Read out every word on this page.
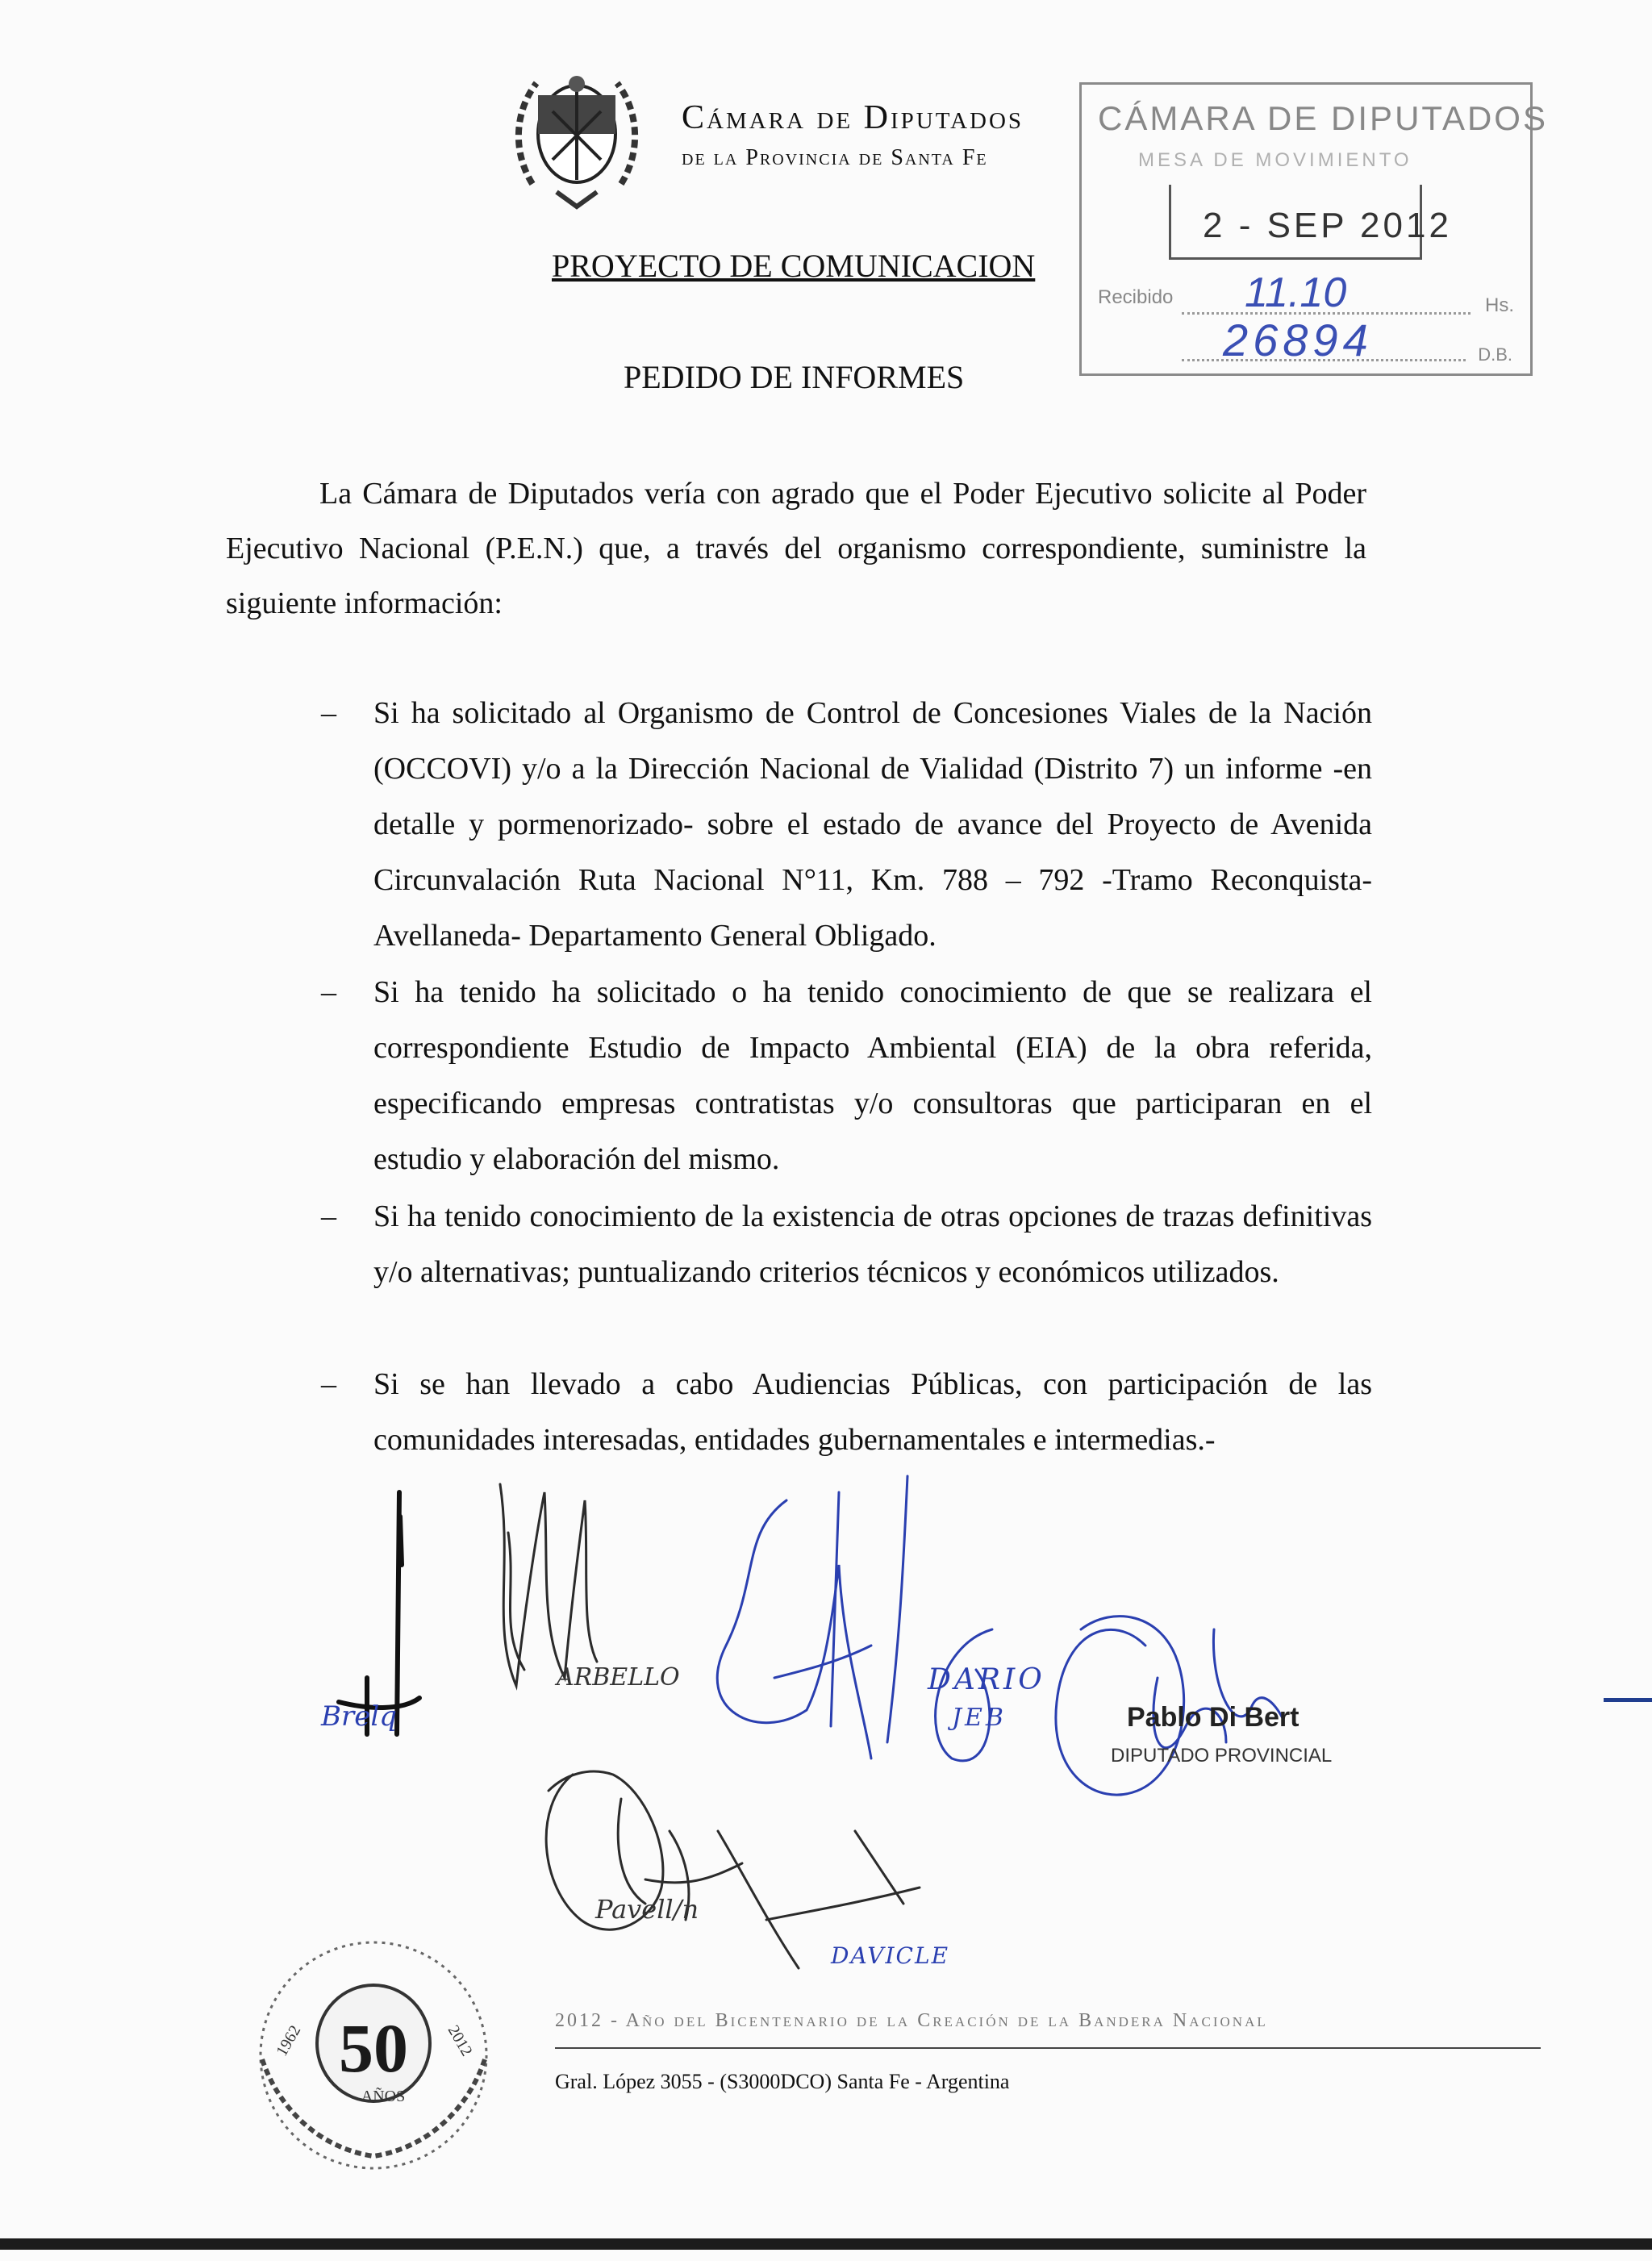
Cámara de Diputados
de la Provincia de Santa Fe
CÁMARA DE DIPUTADOS
MESA DE MOVIMIENTO
2 - SEP 2012
Recibido 11.10	Hs.
26894	D.B.
PROYECTO DE COMUNICACION
PEDIDO DE INFORMES
La Cámara de Diputados vería con agrado que el Poder Ejecutivo solicite al Poder Ejecutivo Nacional (P.E.N.) que, a través del organismo correspondiente, suministre la siguiente información:
– Si ha solicitado al Organismo de Control de Concesiones Viales de la Nación (OCCOVI) y/o a la Dirección Nacional de Vialidad (Distrito 7) un informe -en detalle y pormenorizado- sobre el estado de avance del Proyecto de Avenida Circunvalación Ruta Nacional N°11, Km. 788 – 792 -Tramo Reconquista-Avellaneda- Departamento General Obligado.
– Si ha tenido ha solicitado o ha tenido conocimiento de que se realizara el correspondiente Estudio de Impacto Ambiental (EIA) de la obra referida, especificando empresas contratistas y/o consultoras que participaran en el estudio y elaboración del mismo.
– Si ha tenido conocimiento de la existencia de otras opciones de trazas definitivas y/o alternativas; puntualizando criterios técnicos y económicos utilizados.
– Si se han llevado a cabo Audiencias Públicas, con participación de las comunidades interesadas, entidades gubernamentales e intermedias.-
Brelq
ARBELLO	DARIO
JEB
Pavell/n
DAVICLE
Pablo Di Bert
DIPUTADO PROVINCIAL
50
AÑOS
1962	2012
2012 - Año del Bicentenario de la Creación de la Bandera Nacional
Gral. López 3055 - (S3000DCO) Santa Fe - Argentina
